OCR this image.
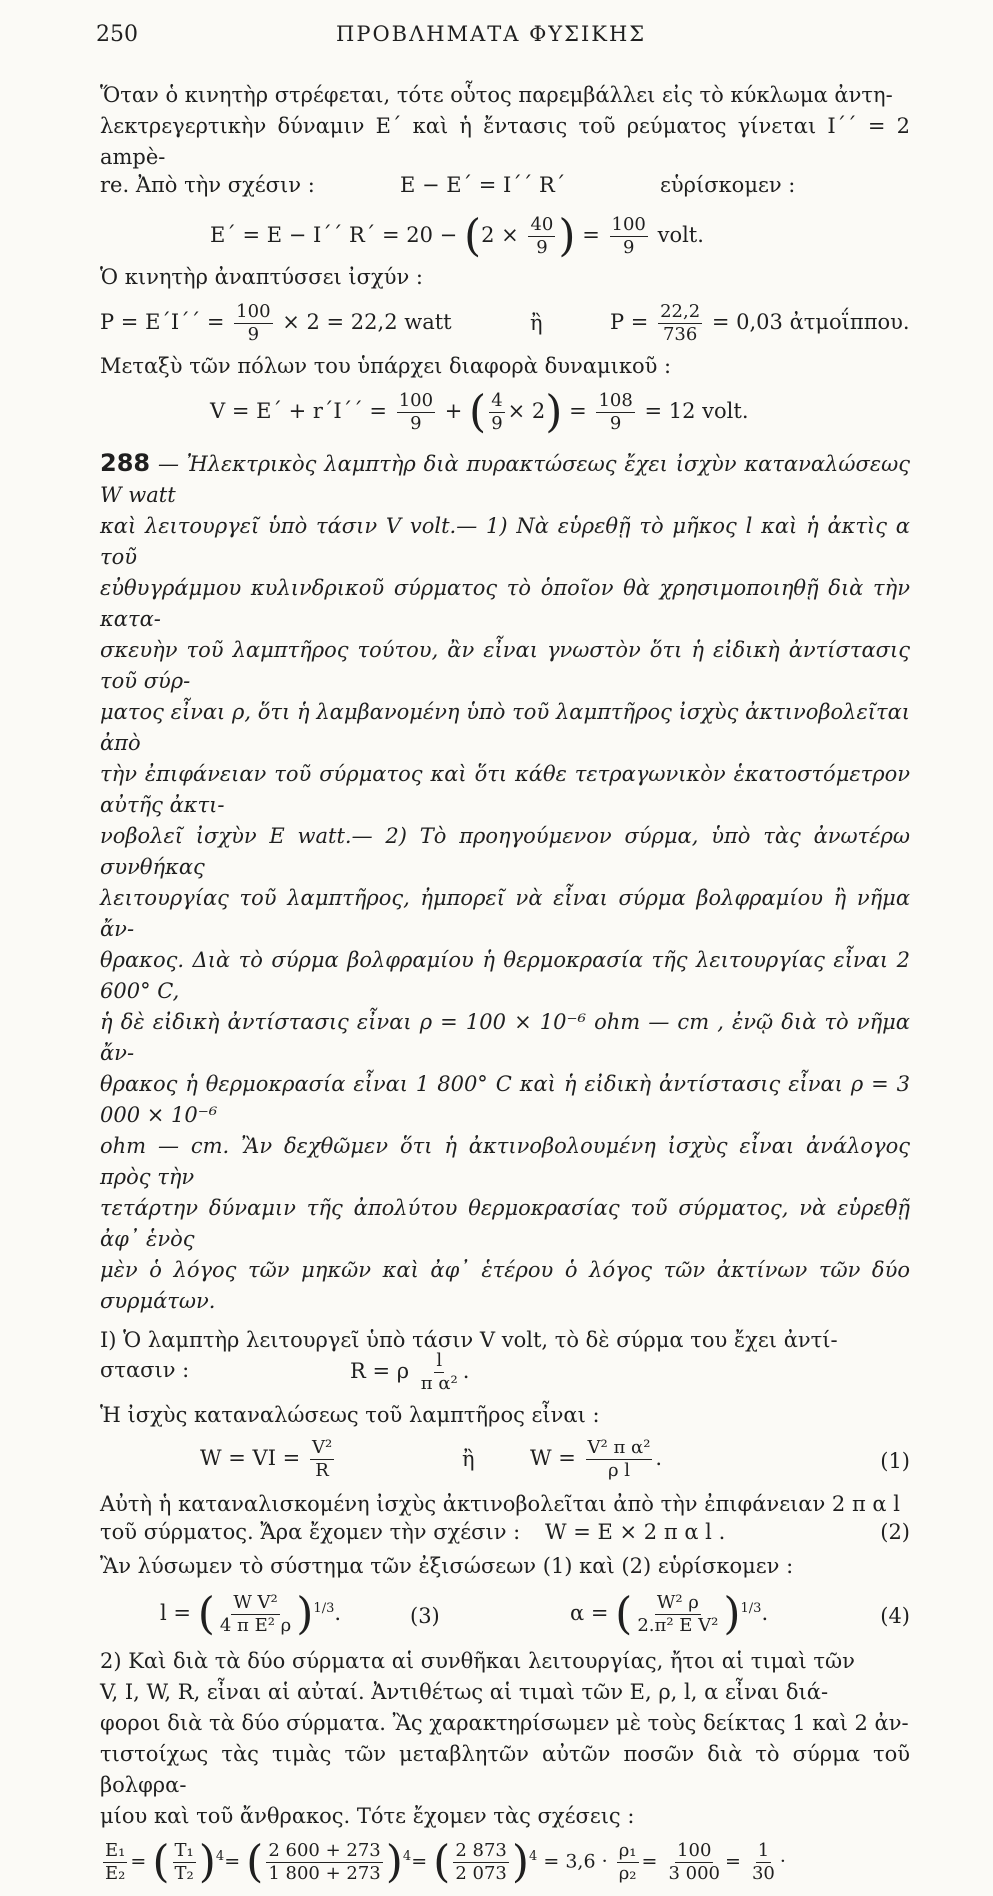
250	ΠΡΟΒΛΗΜΑΤΑ ΦΥΣΙΚΗΣ

Ὅταν ὁ κινητὴρ στρέφεται, τότε οὗτος παρεμβάλλει εἰς τὸ κύκλωμα ἀντη-

λεκτρεγερτικὴν δύναμιν E΄ καὶ ἡ ἔντασις τοῦ ρεύματος γίνεται I΄΄ = 2 ampè-

re. Ἀπὸ τὴν σχέσιν :	E − E΄ = I΄΄ R΄	εὑρίσκομεν :
E΄ = E − I΄΄ $R΄ = 20 - (2 \times \frac{40}{9}$ ) = $\frac{100}{9}$ volt.

Ὁ κινητὴρ ἀναπτύσσει ἰσχύν :

$P = E΄I΄΄ = \frac{100}{9} \times 2 = 22,2$ watt	ἢ	$P = \frac{22,2}{736} = 0,03$ ἀτμοΐππου.

Μεταξὺ τῶν πόλων του ὑπάρχει διαφορὰ δυναμικοῦ :

$V = E΄ + r΄I΄΄ = \frac{100}{9}$ + ( $\frac{4}{9} \times 2) = \frac{108}{9} = 12$ volt.

288 — Ἠλεκτρικὸς λαμπτὴρ διὰ πυρακτώσεως ἔχει ἰσχὺν καταναλώσεως W watt

καὶ λειτουργεῖ ὑπὸ τάσιν V volt.— 1) Νὰ εὑρεθῇ τὸ μῆκος l καὶ ἡ ἀκτὶς α τοῦ

εὐθυγράμμου κυλινδρικοῦ σύρματος τὸ ὁποῖον θὰ χρησιμοποιηθῇ διὰ τὴν κατα-

σκευὴν τοῦ λαμπτῆρος τούτου, ἂν εἶναι γνωστὸν ὅτι ἡ εἰδικὴ ἀντίστασις τοῦ σύρ-

ματος εἶναι ρ, ὅτι ἡ λαμβανομένη ὑπὸ τοῦ λαμπτῆρος ἰσχὺς ἀκτινοβολεῖται ἀπὸ

τὴν ἐπιφάνειαν τοῦ σύρματος καὶ ὅτι κάθε τετραγωνικὸν ἑκατοστόμετρον αὐτῆς ἀκτι-

νοβολεῖ ἰσχὺν E watt.— 2) Τὸ προηγούμενον σύρμα, ὑπὸ τὰς ἀνωτέρω συνθήκας

λειτουργίας τοῦ λαμπτῆρος, ἠμπορεῖ νὰ εἶναι σύρμα βολφραμίου ἢ νῆμα ἄν-

θρακος. Διὰ τὸ σύρμα βολφραμίου ἡ θερμοκρασία τῆς λειτουργίας εἶναι 2 600° C,

ἡ δὲ εἰδικὴ ἀντίστασις εἶναι ρ = 100 × 10⁻⁶ ohm — cm , ἐνῷ διὰ τὸ νῆμα ἄν-

θρακος ἡ θερμοκρασία εἶναι 1 800° C καὶ ἡ εἰδικὴ ἀντίστασις εἶναι ρ = 3 000 × 10⁻⁶

ohm — cm. Ἂν δεχθῶμεν ὅτι ἡ ἀκτινοβολουμένη ἰσχὺς εἶναι ἀνάλογος πρὸς τὴν

τετάρτην δύναμιν τῆς ἀπολύτου θερμοκρασίας τοῦ σύρματος, νὰ εὑρεθῇ ἀφ᾿ ἑνὸς

μὲν ὁ λόγος τῶν μηκῶν καὶ ἀφ᾿ ἑτέρου ὁ λόγος τῶν ἀκτίνων τῶν δύο συρμάτων.

I) Ὁ λαμπτὴρ λειτουργεῖ ὑπὸ τάσιν V volt, τὸ δὲ σύρμα του ἔχει ἀντί-

στασιν :	R = ρ $\frac{l}{\text{π α²}}$ .

Ἡ ἰσχὺς καταναλώσεως τοῦ λαμπτῆρος εἶναι :

W = VI = $\frac{\text{V²}}{R}$	ἢ	$W = \frac{\text{V² π α²}}{\text{ρ l}}$ .	(1)

Αὐτὴ ἡ καταναλισκομένη ἰσχὺς ἀκτινοβολεῖται ἀπὸ τὴν ἐπιφάνειαν 2 π α l

τοῦ σύρματος. Ἄρα ἔχομεν τὴν σχέσιν : W = E × 2 π α l .	(2)

Ἂν λύσωμεν τὸ σύστημα τῶν ἐξισώσεων (1) καὶ (2) εὑρίσκομεν :

l = ( $\frac{\text{W V²}}{\text{4 π E² ρ}} )^{1/3}$.	(3)	α = ( $\frac{\text{W² ρ}}{\text{2.π² E V²}} )^{1/3}$.	(4)

2) Καὶ διὰ τὰ δύο σύρματα αἱ συνθῆκαι λειτουργίας, ἤτοι αἱ τιμαὶ τῶν

V, I, W, R, εἶναι αἱ αὐταί. Ἀντιθέτως αἱ τιμαὶ τῶν E, ρ, l, α εἶναι διά-

φοροι διὰ τὰ δύο σύρματα. Ἂς χαρακτηρίσωμεν μὲ τοὺς δείκτας 1 καὶ 2 ἀν-

τιστοίχως τὰς τιμὰς τῶν μεταβλητῶν αὐτῶν ποσῶν διὰ τὸ σύρμα τοῦ βολφρα-

μίου καὶ τοῦ ἄνθρακος. Τότε ἔχομεν τὰς σχέσεις :

$\frac{\text{E₁}}{\text{E₂}}$ = ( $\frac{\text{T₁}}{\text{T₂}} )^4=$ ( $\frac{2 600 + 273}{1 800 + 273} )^4=$ ( $\frac{2 873}{2 073} )^4 = 3,6 \cdot \frac{\text{ρ₁}}{\text{ρ₂}} = \frac{100}{3 000} = \frac{1}{30}$ ·
